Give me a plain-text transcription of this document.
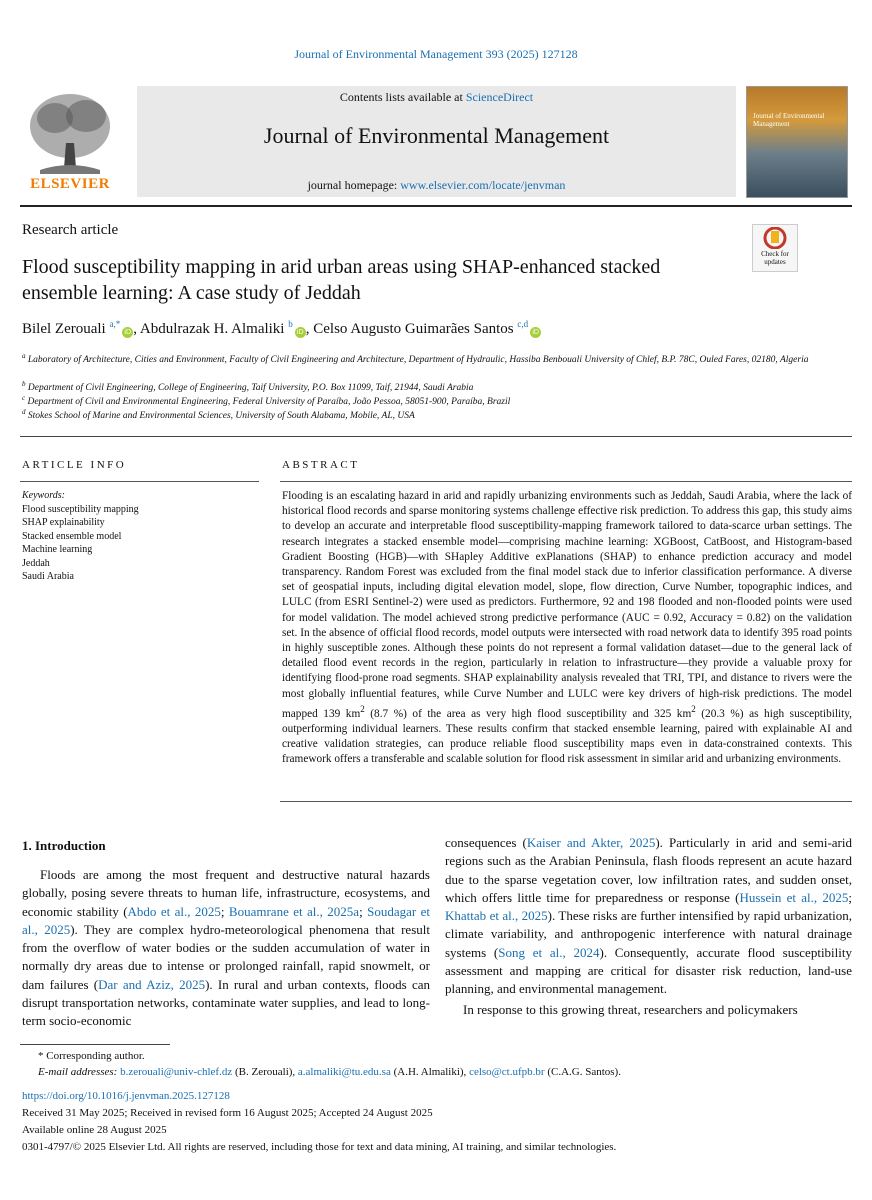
Journal of Environmental Management 393 (2025) 127128
Contents lists available at ScienceDirect
Journal of Environmental Management
journal homepage: www.elsevier.com/locate/jenvman
ELSEVIER
Journal of Environmental Management
Research article
Check for updates
Flood susceptibility mapping in arid urban areas using SHAP-enhanced stacked ensemble learning: A case study of Jeddah
Bilel Zerouali $^{a,*}$iD , Abdulrazak H. Almaliki $^b$iD , Celso Augusto Guimarães Santos $^{c,d}$iD
$^a$ Laboratory of Architecture, Cities and Environment, Faculty of Civil Engineering and Architecture, Department of Hydraulic, Hassiba Benbouali University of Chlef, B.P. 78C, Ouled Fares, 02180, Algeria
$^b$ Department of Civil Engineering, College of Engineering, Taif University, P.O. Box 11099, Taif, 21944, Saudi Arabia
$^c$ Department of Civil and Environmental Engineering, Federal University of Paraíba, João Pessoa, 58051-900, Paraíba, Brazil
$^d$ Stokes School of Marine and Environmental Sciences, University of South Alabama, Mobile, AL, USA
ARTICLE INFO	ABSTRACT
Keywords:
Flood susceptibility mapping
SHAP explainability
Stacked ensemble model
Machine learning
Jeddah
Saudi Arabia
Flooding is an escalating hazard in arid and rapidly urbanizing environments such as Jeddah, Saudi Arabia, where the lack of historical flood records and sparse monitoring systems challenge effective risk prediction. To address this gap, this study aims to develop an accurate and interpretable flood susceptibility-mapping framework tailored to data-scarce urban settings. The research integrates a stacked ensemble model—comprising machine learning: XGBoost, CatBoost, and Histogram-based Gradient Boosting (HGB)—with SHapley Additive exPlanations (SHAP) to enhance prediction accuracy and model transparency. Random Forest was excluded from the final model stack due to inferior classification performance. A diverse set of geospatial inputs, including digital elevation model, slope, flow direction, Curve Number, topographic indices, and LULC (from ESRI Sentinel-2) were used as predictors. Furthermore, 92 and 198 flooded and non-flooded points were used for model validation. The model achieved strong predictive performance (AUC = 0.92, Accuracy = 0.82) on the validation set. In the absence of official flood records, model outputs were intersected with road network data to identify 395 road points in highly susceptible zones. Although these points do not represent a formal validation dataset—due to the general lack of detailed flood event records in the region, particularly in relation to infrastructure—they provide a valuable proxy for identifying flood-prone road segments. SHAP explainability analysis revealed that TRI, TPI, and distance to rivers were the most globally influential features, while Curve Number and LULC were key drivers of high-risk predictions. The model mapped 139 $km^2$ (8.7 %) of the area as very high flood susceptibility and 325 $km^2$ (20.3 %) as high susceptibility, outperforming individual learners. These results confirm that stacked ensemble learning, paired with explainable AI and creative validation strategies, can produce reliable flood susceptibility maps even in data-constrained contexts. This framework offers a transferable and scalable solution for flood risk assessment in similar arid and urbanizing environments.
1. Introduction
Floods are among the most frequent and destructive natural hazards globally, posing severe threats to human life, infrastructure, ecosystems, and economic stability (Abdo et al., 2025; Bouamrane et al., 2025a; Soudagar et al., 2025). They are complex hydro-meteorological phenomena that result from the overflow of water bodies or the sudden accumulation of water in normally dry areas due to intense or prolonged rainfall, rapid snowmelt, or dam failures (Dar and Aziz, 2025). In rural and urban contexts, floods can disrupt transportation networks, contaminate water supplies, and lead to long-term socio-economic
consequences (Kaiser and Akter, 2025). Particularly in arid and semi-arid regions such as the Arabian Peninsula, flash floods represent an acute hazard due to the sparse vegetation cover, low infiltration rates, and sudden onset, which offers little time for preparedness or response (Hussein et al., 2025; Khattab et al., 2025). These risks are further intensified by rapid urbanization, climate variability, and anthropogenic interference with natural drainage systems (Song et al., 2024). Consequently, accurate flood susceptibility assessment and mapping are critical for disaster risk reduction, land-use planning, and environmental management.
In response to this growing threat, researchers and policymakers
* Corresponding author.
E-mail addresses: b.zerouali@univ-chlef.dz (B. Zerouali), a.almaliki@tu.edu.sa (A.H. Almaliki), celso@ct.ufpb.br (C.A.G. Santos).
https://doi.org/10.1016/j.jenvman.2025.127128
Received 31 May 2025; Received in revised form 16 August 2025; Accepted 24 August 2025
Available online 28 August 2025
0301-4797/© 2025 Elsevier Ltd. All rights are reserved, including those for text and data mining, AI training, and similar technologies.
